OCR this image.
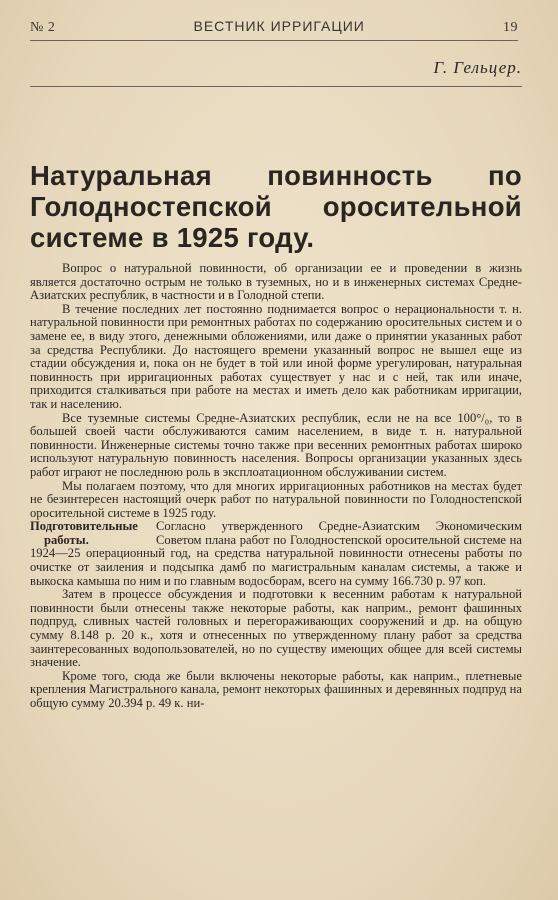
№ 2	ВЕСТНИК ИРРИГАЦИИ	19
Г. Гельцер.
Натуральная повинность по Голодностепской оросительной системе в 1925 году.

Вопрос о натуральной повинности, об организации ее и проведении в жизнь является достаточно острым не только в туземных, но и в инженерных системах Средне-Азиатских республик, в частности и в Голодной степи.

В течение последних лет постоянно поднимается вопрос о нерациональности т. н. натуральной повинности при ремонтных работах по содержанию оросительных систем и о замене ее, в виду этого, денежными обложениями, или даже о принятии указанных работ за средства Республики. До настоящего времени указанный вопрос не вышел еще из стадии обсуждения и, пока он не будет в той или иной форме урегулирован, натуральная повинность при ирригационных работах существует у нас и с ней, так или иначе, приходится сталкиваться при работе на местах и иметь дело как работникам ирригации, так и населению.

Все туземные системы Средне-Азиатских республик, если не на все 100°/₀, то в большей своей части обслуживаются самим населением, в виде т. н. натуральной повинности. Инженерные системы точно также при весенних ремонтных работах широко используют натуральную повинность населения. Вопросы организации указанных здесь работ играют не последнюю роль в эксплоатационном обслуживании систем.

Мы полагаем поэтому, что для многих ирригационных работников на местах будет не безинтересен настоящий очерк работ по натуральной повинности по Голодностепской оросительной системе в 1925 году.

Подготовительные
работы.

Согласно утвержденного Средне-Азиатским Экономическим Советом плана работ по Голодностепской оросительной системе на 1924—25 операционный год, на средства натуральной повинности отнесены работы по очистке от заиления и подсыпка дамб по магистральным каналам системы, а также и выкоска камыша по ним и по главным водосборам, всего на сумму 166.730 р. 97 коп.

Затем в процессе обсуждения и подготовки к весенним работам к натуральной повинности были отнесены также некоторые работы, как наприм., ремонт фашинных подпруд, сливных частей головных и перегораживающих сооружений и др. на общую сумму 8.148 р. 20 к., хотя и отнесенных по утвержденному плану работ за средства заинтересованных водопользователей, но по существу имеющих общее для всей системы значение.

Кроме того, сюда же были включены некоторые работы, как наприм., плетневые крепления Магистрального канала, ремонт некоторых фашинных и деревянных подпруд на общую сумму 20.394 р. 49 к. ни-
